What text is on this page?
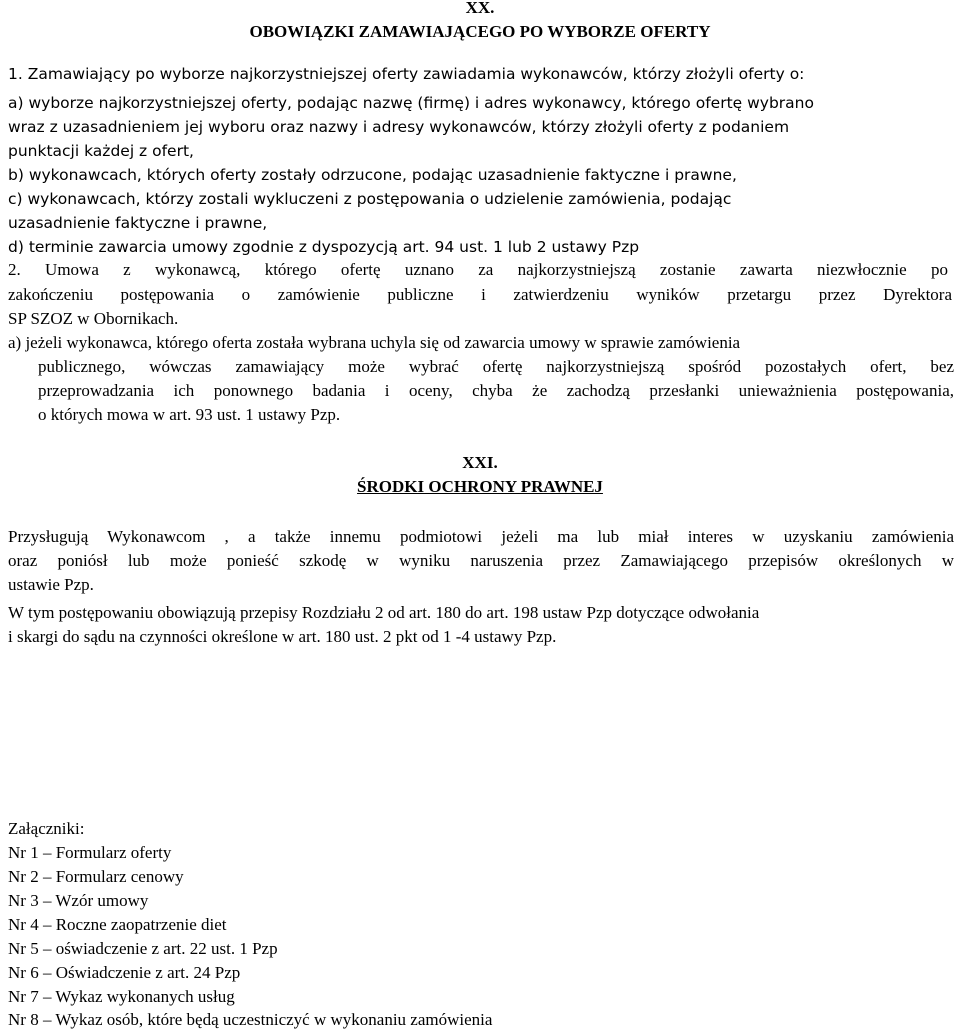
XX.
OBOWIĄZKI ZAMAWIAJĄCEGO PO WYBORZE OFERTY
1. Zamawiający po wyborze najkorzystniejszej oferty zawiadamia wykonawców, którzy złożyli oferty o:
a) wyborze najkorzystniejszej oferty, podając nazwę (firmę) i adres wykonawcy, którego ofertę wybrano
wraz z uzasadnieniem jej wyboru oraz nazwy i adresy wykonawców, którzy złożyli oferty z podaniem
punktacji każdej z ofert,
b) wykonawcach, których oferty zostały odrzucone, podając uzasadnienie faktyczne i prawne,
c) wykonawcach, którzy zostali wykluczeni z postępowania o udzielenie zamówienia, podając
uzasadnienie faktyczne i prawne,
d) terminie zawarcia umowy zgodnie z dyspozycją art. 94 ust. 1 lub 2 ustawy Pzp
2. Umowa z wykonawcą, którego ofertę uznano za najkorzystniejszą zostanie zawarta niezwłocznie po
zakończeniu postępowania o zamówienie publiczne i zatwierdzeniu wyników przetargu przez Dyrektora
SP SZOZ w Obornikach.
a) jeżeli wykonawca, którego oferta została wybrana uchyla się od zawarcia umowy w sprawie zamówienia
publicznego, wówczas zamawiający może wybrać ofertę najkorzystniejszą spośród pozostałych ofert, bez
przeprowadzania ich ponownego badania i oceny, chyba że zachodzą przesłanki unieważnienia postępowania,
o których mowa w art. 93 ust. 1 ustawy Pzp.
XXI.
ŚRODKI OCHRONY PRAWNEJ
Przysługują Wykonawcom , a także innemu podmiotowi jeżeli ma lub miał interes w uzyskaniu zamówienia
oraz poniósł lub może ponieść szkodę w wyniku naruszenia przez Zamawiającego przepisów określonych w
ustawie Pzp.
W tym postępowaniu obowiązują przepisy Rozdziału 2 od art. 180 do art. 198 ustaw Pzp dotyczące odwołania
i skargi do sądu na czynności określone w art. 180 ust. 2 pkt od 1 -4 ustawy Pzp.
Załączniki:
Nr 1 – Formularz oferty
Nr 2 – Formularz cenowy
Nr 3 – Wzór umowy
Nr 4 – Roczne zaopatrzenie diet
Nr 5 – oświadczenie z art. 22 ust. 1 Pzp
Nr 6 – Oświadczenie z art. 24 Pzp
Nr 7 – Wykaz wykonanych usług
Nr 8 – Wykaz osób, które będą uczestniczyć w wykonaniu zamówienia
